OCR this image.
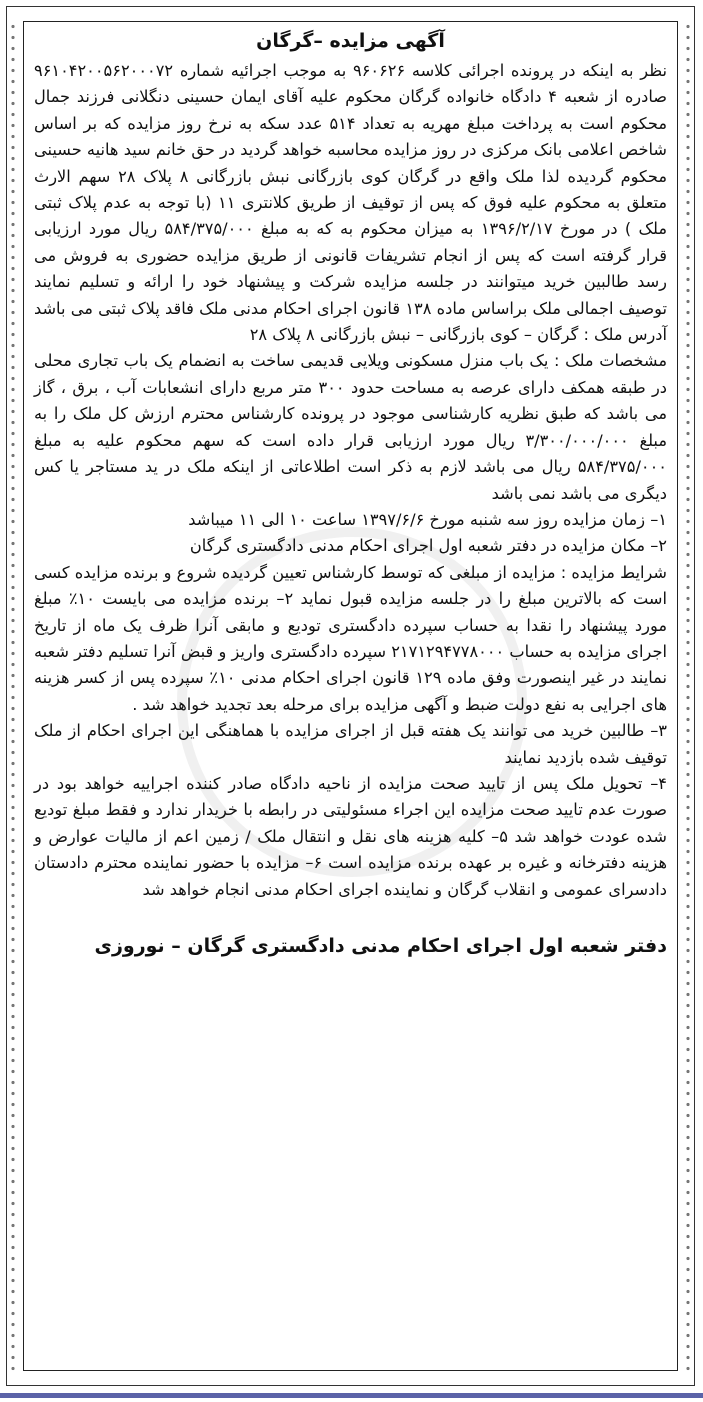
آگهی مزایده –گرگان

نظر به اینکه در پرونده اجرائی کلاسه ۹۶۰۶۲۶ به موجب اجرائیه شماره ۹۶۱۰۴۲۰۰۵۶۲۰۰۰۷۲ صادره از شعبه ۴ دادگاه خانواده گرگان محکوم علیه آقای ایمان حسینی دنگلانی فرزند جمال محکوم است به پرداخت مبلغ مهریه به تعداد ۵۱۴ عدد سکه به نرخ روز مزایده که بر اساس شاخص اعلامی بانک مرکزی در روز مزایده محاسبه خواهد گردید در حق خانم سید هانیه حسینی محکوم گردیده لذا ملک واقع در گرگان کوی بازرگانی نبش بازرگانی ۸ پلاک ۲۸ سهم الارث متعلق به محکوم علیه فوق که پس از توقیف از طریق کلانتری ۱۱ (با توجه به عدم پلاک ثبتی ملک ) در مورخ ۱۳۹۶/۲/۱۷ به میزان محکوم به که به مبلغ ۵۸۴/۳۷۵/۰۰۰ ریال مورد ارزیابی قرار گرفته است که پس از انجام تشریفات قانونی از طریق مزایده حضوری به فروش می رسد طالبین خرید میتوانند در جلسه مزایده شرکت و پیشنهاد خود را ارائه و تسلیم نمایند توصیف اجمالی ملک براساس ماده ۱۳۸ قانون اجرای احکام مدنی ملک فاقد پلاک ثبتی می باشد آدرس ملک : گرگان – کوی بازرگانی – نبش بازرگانی ۸ پلاک ۲۸

مشخصات ملک : یک باب منزل مسکونی ویلایی قدیمی ساخت به انضمام یک باب تجاری محلی در طبقه همکف دارای عرصه به مساحت حدود ۳۰۰ متر مربع دارای انشعابات آب ، برق ، گاز می باشد که طبق نظریه کارشناسی موجود در پرونده کارشناس محترم ارزش کل ملک را به مبلغ ۳/۳۰۰/۰۰۰/۰۰۰ ریال مورد ارزیابی قرار داده است که سهم محکوم علیه به مبلغ ۵۸۴/۳۷۵/۰۰۰ ریال می باشد لازم به ذکر است اطلاعاتی از اینکه ملک در ید مستاجر یا کس دیگری می باشد نمی باشد

۱– زمان مزایده روز سه شنبه مورخ ۱۳۹۷/۶/۶ ساعت ۱۰ الی ۱۱ میباشد

۲– مکان مزایده در دفتر شعبه اول اجرای احکام مدنی دادگستری گرگان

شرایط مزایده : مزایده از مبلغی که توسط کارشناس تعیین گردیده شروع و برنده مزایده کسی است که بالاترین مبلغ را در جلسه مزایده قبول نماید ۲– برنده مزایده می بایست ۱۰٪ مبلغ مورد پیشنهاد را نقدا به حساب سپرده دادگستری تودیع و مابقی آنرا ظرف یک ماه از تاریخ اجرای مزایده به حساب ۲۱۷۱۲۹۴۷۷۸۰۰۰ سپرده دادگستری واریز و قبض آنرا تسلیم دفتر شعبه نمایند در غیر اینصورت وفق ماده ۱۲۹ قانون اجرای احکام مدنی ۱۰٪ سپرده پس از کسر هزینه های اجرایی به نفع دولت ضبط و آگهی مزایده برای مرحله بعد تجدید خواهد شد .

۳– طالبین خرید می توانند یک هفته قبل از اجرای مزایده با هماهنگی این اجرای احکام از ملک توقیف شده بازدید نمایند

۴– تحویل ملک پس از تایید صحت مزایده از ناحیه دادگاه صادر کننده اجراییه خواهد بود در صورت عدم تایید صحت مزایده این اجراء مسئولیتی در رابطه با خریدار ندارد و فقط مبلغ تودیع شده عودت خواهد شد ۵– کلیه هزینه های نقل و انتقال ملک / زمین اعم از مالیات عوارض و هزینه دفترخانه و غیره بر عهده برنده مزایده است ۶– مزایده با حضور نماینده محترم دادستان دادسرای عمومی و انقلاب گرگان و نماینده اجرای احکام مدنی انجام خواهد شد

دفتر شعبه اول اجرای احکام مدنی دادگستری گرگان – نوروزی
